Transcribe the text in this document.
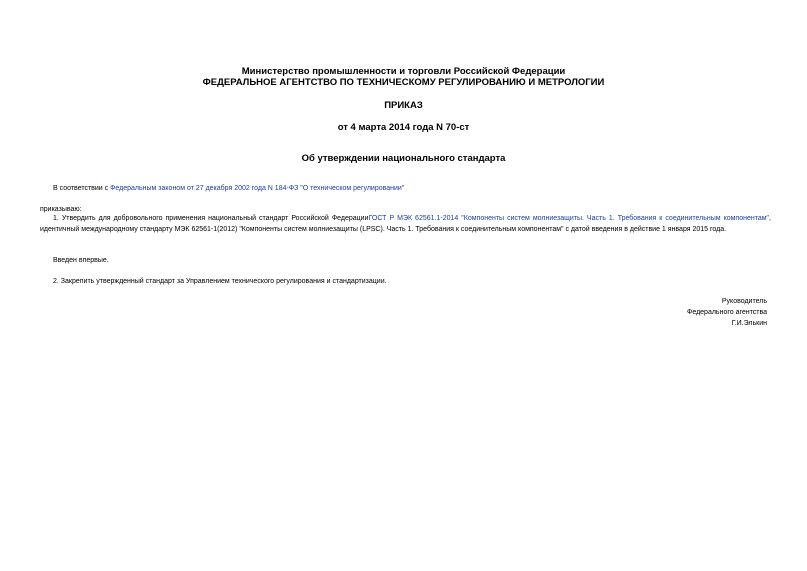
Министерство промышленности и торговли Российской Федерации
ФЕДЕРАЛЬНОЕ АГЕНТСТВО ПО ТЕХНИЧЕСКОМУ РЕГУЛИРОВАНИЮ И МЕТРОЛОГИИ
ПРИКАЗ
от 4 марта 2014 года N 70-ст
Об утверждении национального стандарта
В соответствии с Федеральным законом от 27 декабря 2002 года N 184-ФЗ "О техническом регулировании"
приказываю:
1. Утвердить для добровольного применения национальный стандарт Российской ФедерацииГОСТ Р МЭК 62561.1-2014 "Компоненты систем молниезащиты. Часть 1. Требования к соединительным компонентам", идентичный международному стандарту МЭК 62561-1(2012) "Компоненты систем молниезащиты (LPSC). Часть 1. Требования к соединительным компонентам" с датой введения в действие 1 января 2015 года.
Введен впервые.
2. Закрепить утвержденный стандарт за Управлением технического регулирования и стандартизации.
Руководитель
Федерального агентства
Г.И.Элькин
